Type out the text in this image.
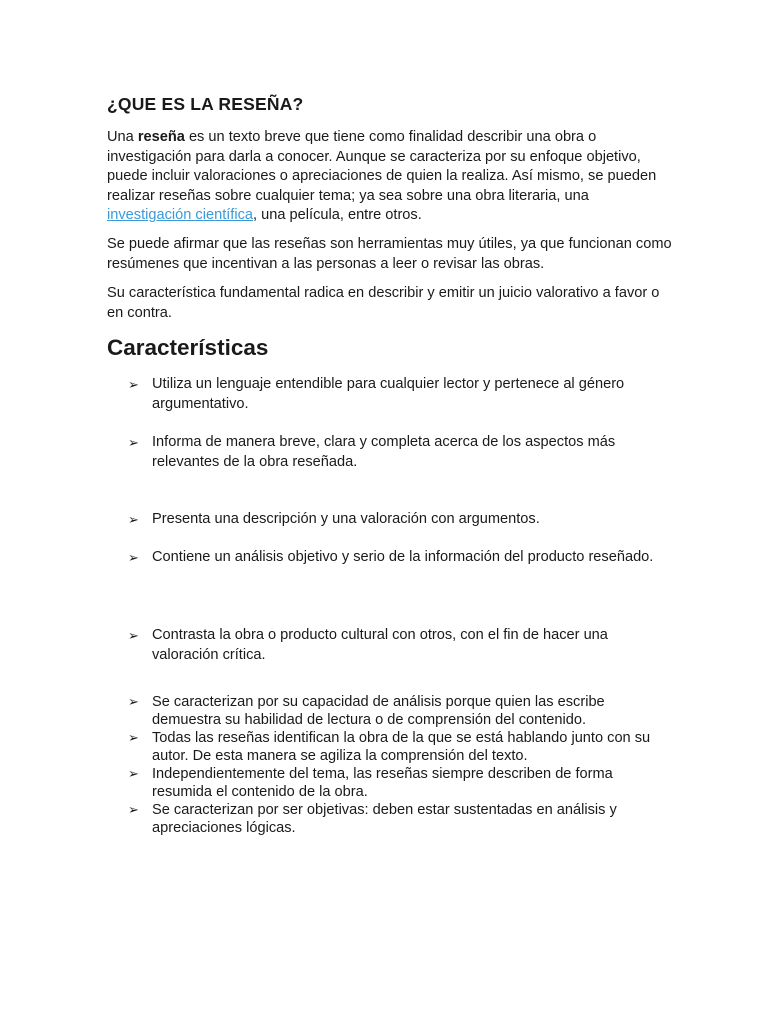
¿QUE ES LA RESEÑA?

Una reseña es un texto breve que tiene como finalidad describir una obra o investigación para darla a conocer. Aunque se caracteriza por su enfoque objetivo, puede incluir valoraciones o apreciaciones de quien la realiza. Así mismo, se pueden realizar reseñas sobre cualquier tema; ya sea sobre una obra literaria, una investigación científica, una película, entre otros.

Se puede afirmar que las reseñas son herramientas muy útiles, ya que funcionan como resúmenes que incentivan a las personas a leer o revisar las obras.

Su característica fundamental radica en describir y emitir un juicio valorativo a favor o en contra.

Características
➢ Utiliza un lenguaje entendible para cualquier lector y pertenece al género argumentativo.
➢ Informa de manera breve, clara y completa acerca de los aspectos más relevantes de la obra reseñada.
➢ Presenta una descripción y una valoración con argumentos.
➢ Contiene un análisis objetivo y serio de la información del producto reseñado.
➢ Contrasta la obra o producto cultural con otros, con el fin de hacer una valoración crítica.
➢ Se caracterizan por su capacidad de análisis porque quien las escribe demuestra su habilidad de lectura o de comprensión del contenido.
➢ Todas las reseñas identifican la obra de la que se está hablando junto con su autor. De esta manera se agiliza la comprensión del texto.
➢ Independientemente del tema, las reseñas siempre describen de forma resumida el contenido de la obra.
➢ Se caracterizan por ser objetivas: deben estar sustentadas en análisis y apreciaciones lógicas.
